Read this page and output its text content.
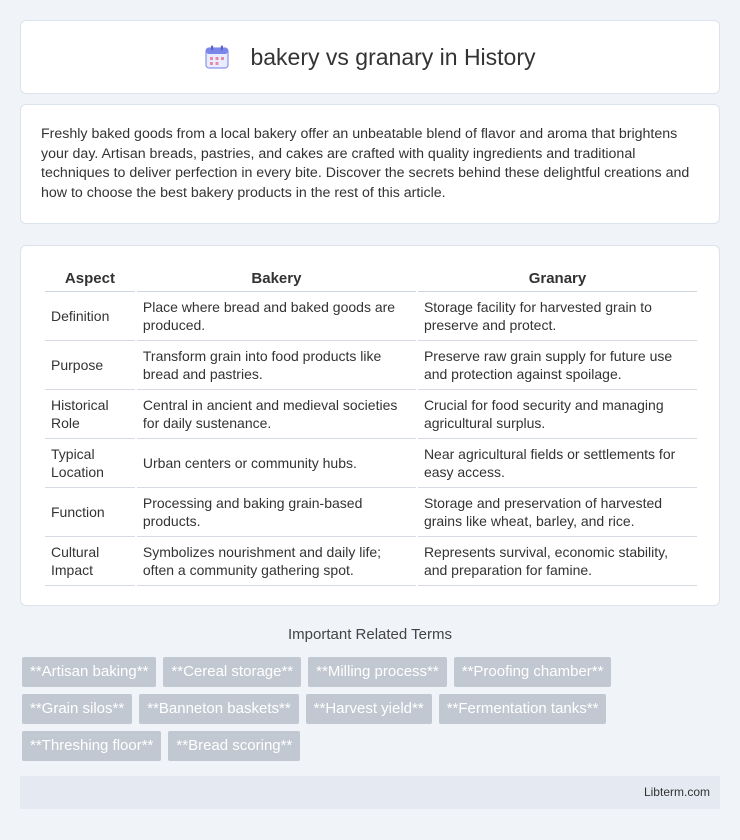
bakery vs granary in History

Freshly baked goods from a local bakery offer an unbeatable blend of flavor and aroma that brightens your day. Artisan breads, pastries, and cakes are crafted with quality ingredients and traditional techniques to deliver perfection in every bite. Discover the secrets behind these delightful creations and how to choose the best bakery products in the rest of this article.

Aspect	Bakery	Granary
Definition	Place where bread and baked goods are produced.	Storage facility for harvested grain to preserve and protect.
Purpose	Transform grain into food products like bread and pastries.	Preserve raw grain supply for future use and protection against spoilage.
Historical Role	Central in ancient and medieval societies for daily sustenance.	Crucial for food security and managing agricultural surplus.
Typical Location	Urban centers or community hubs.	Near agricultural fields or settlements for easy access.
Function	Processing and baking grain-based products.	Storage and preservation of harvested grains like wheat, barley, and rice.
Cultural Impact	Symbolizes nourishment and daily life; often a community gathering spot.	Represents survival, economic stability, and preparation for famine.
Important Related Terms
**Artisan baking**	**Cereal storage**	**Milling process**	**Proofing chamber**
**Grain silos**	**Banneton baskets**	**Harvest yield**	**Fermentation tanks**
**Threshing floor**	**Bread scoring**
Libterm.com
